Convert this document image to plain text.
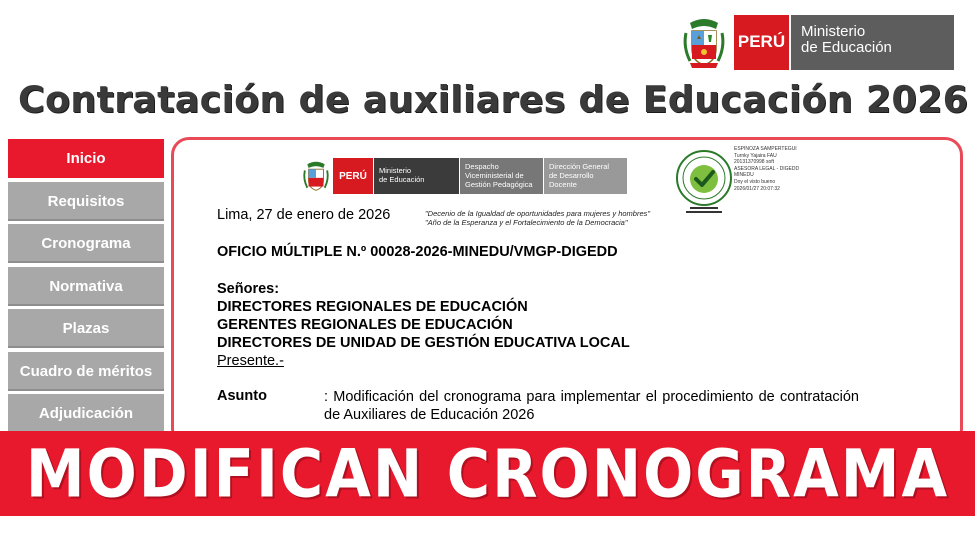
PERÚ
Ministerio
de Educación
Contratación de auxiliares de Educación 2026
Inicio
Requisitos
Cronograma
Normativa
Plazas
Cuadro de méritos
Adjudicación
PERÚ Ministerio
de Educación
Despacho
Viceministerial de
Gestión Pedagógica
Dirección General
de Desarrollo
Docente
ESPINOZA SAMPERTEGUI
Turnky Yajaira FAU
20131370998 soft
ASESORA LEGAL - DIGEDD
MINEDU
Doy el visto bueno
2026/01/27 20:07:32
Lima, 27 de enero de 2026	"Decenio de la Igualdad de oportunidades para mujeres y hombres"
"Año de la Esperanza y el Fortalecimiento de la Democracia"
OFICIO MÚLTIPLE N.º 00028-2026-MINEDU/VMGP-DIGEDD
Señores:
DIRECTORES REGIONALES DE EDUCACIÓN
GERENTES REGIONALES DE EDUCACIÓN
DIRECTORES DE UNIDAD DE GESTIÓN EDUCATIVA LOCAL
Presente.-
Asunto	: Modificación del cronograma para implementar el procedimiento de contratación de Auxiliares de Educación 2026
MODIFICAN CRONOGRAMA
